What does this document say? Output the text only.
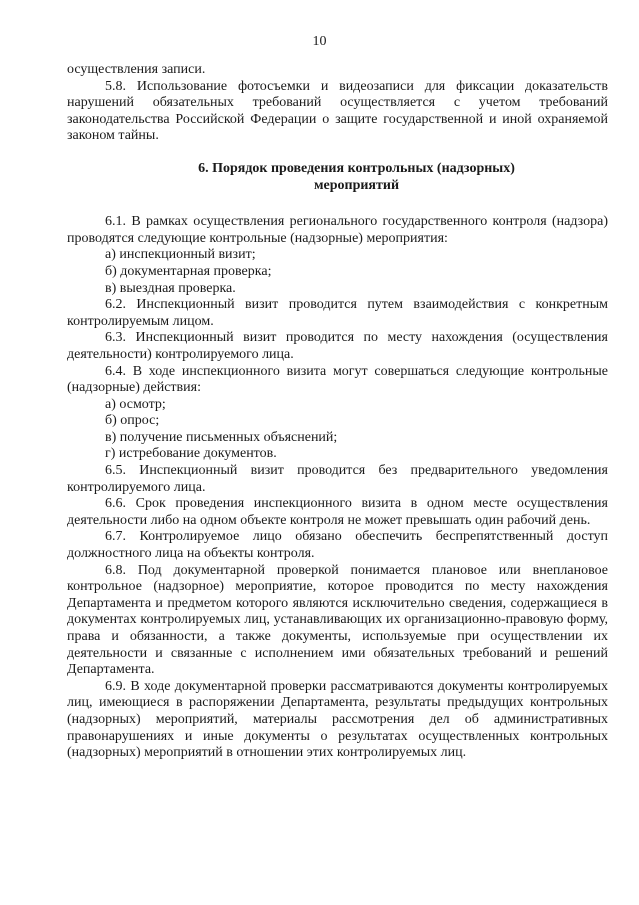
10

осуществления записи.

5.8. Использование фотосъемки и видеозаписи для фиксации доказательств нарушений обязательных требований осуществляется с учетом требований законодательства Российской Федерации о защите государственной и иной охраняемой законом тайны.

6. Порядок проведения контрольных (надзорных)
мероприятий

6.1. В рамках осуществления регионального государственного контроля (надзора) проводятся следующие контрольные (надзорные) мероприятия:

а) инспекционный визит;

б) документарная проверка;

в) выездная проверка.

6.2. Инспекционный визит проводится путем взаимодействия с конкретным контролируемым лицом.

6.3. Инспекционный визит проводится по месту нахождения (осуществления деятельности) контролируемого лица.

6.4. В ходе инспекционного визита могут совершаться следующие контрольные (надзорные) действия:

а) осмотр;

б) опрос;

в) получение письменных объяснений;

г) истребование документов.

6.5. Инспекционный визит проводится без предварительного уведомления контролируемого лица.

6.6. Срок проведения инспекционного визита в одном месте осуществления деятельности либо на одном объекте контроля не может превышать один рабочий день.

6.7. Контролируемое лицо обязано обеспечить беспрепятственный доступ должностного лица на объекты контроля.

6.8. Под документарной проверкой понимается плановое или внеплановое контрольное (надзорное) мероприятие, которое проводится по месту нахождения Департамента и предметом которого являются исключительно сведения, содержащиеся в документах контролируемых лиц, устанавливающих их организационно-правовую форму, права и обязанности, а также документы, используемые при осуществлении их деятельности и связанные с исполнением ими обязательных требований и решений Департамента.

6.9. В ходе документарной проверки рассматриваются документы контролируемых лиц, имеющиеся в распоряжении Департамента, результаты предыдущих контрольных (надзорных) мероприятий, материалы рассмотрения дел об административных правонарушениях и иные документы о результатах осуществленных контрольных (надзорных) мероприятий в отношении этих контролируемых лиц.
